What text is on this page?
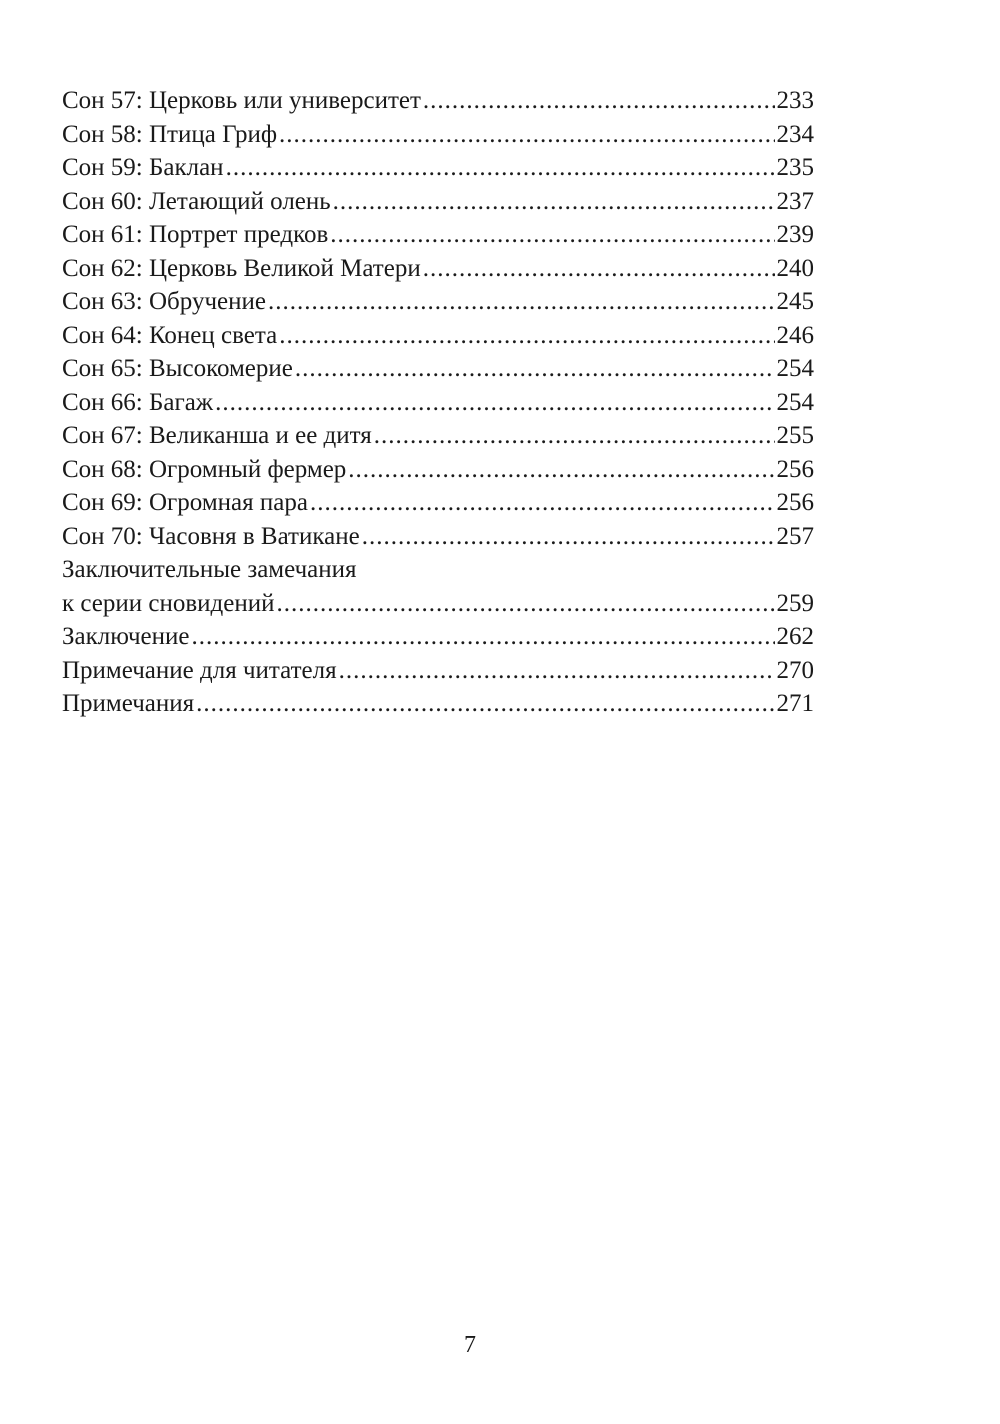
Сон 57: Церковь или университет .....	233
Сон 58: Птица Гриф .....	234
Сон 59: Баклан .....	235
Сон 60: Летающий олень .....	237
Сон 61: Портрет предков .....	239
Сон 62: Церковь Великой Матери .....	240
Сон 63: Обручение .....	245
Сон 64: Конец света .....	246
Сон 65: Высокомерие .....	254
Сон 66: Багаж .....	254
Сон 67: Великанша и ее дитя .....	255
Сон 68: Огромный фермер .....	256
Сон 69: Огромная пара .....	256
Сон 70: Часовня в Ватикане .....	257
Заключительные замечания
к серии сновидений .....	259
Заключение .....	262
Примечание для читателя .....	270
Примечания .....	271
7
